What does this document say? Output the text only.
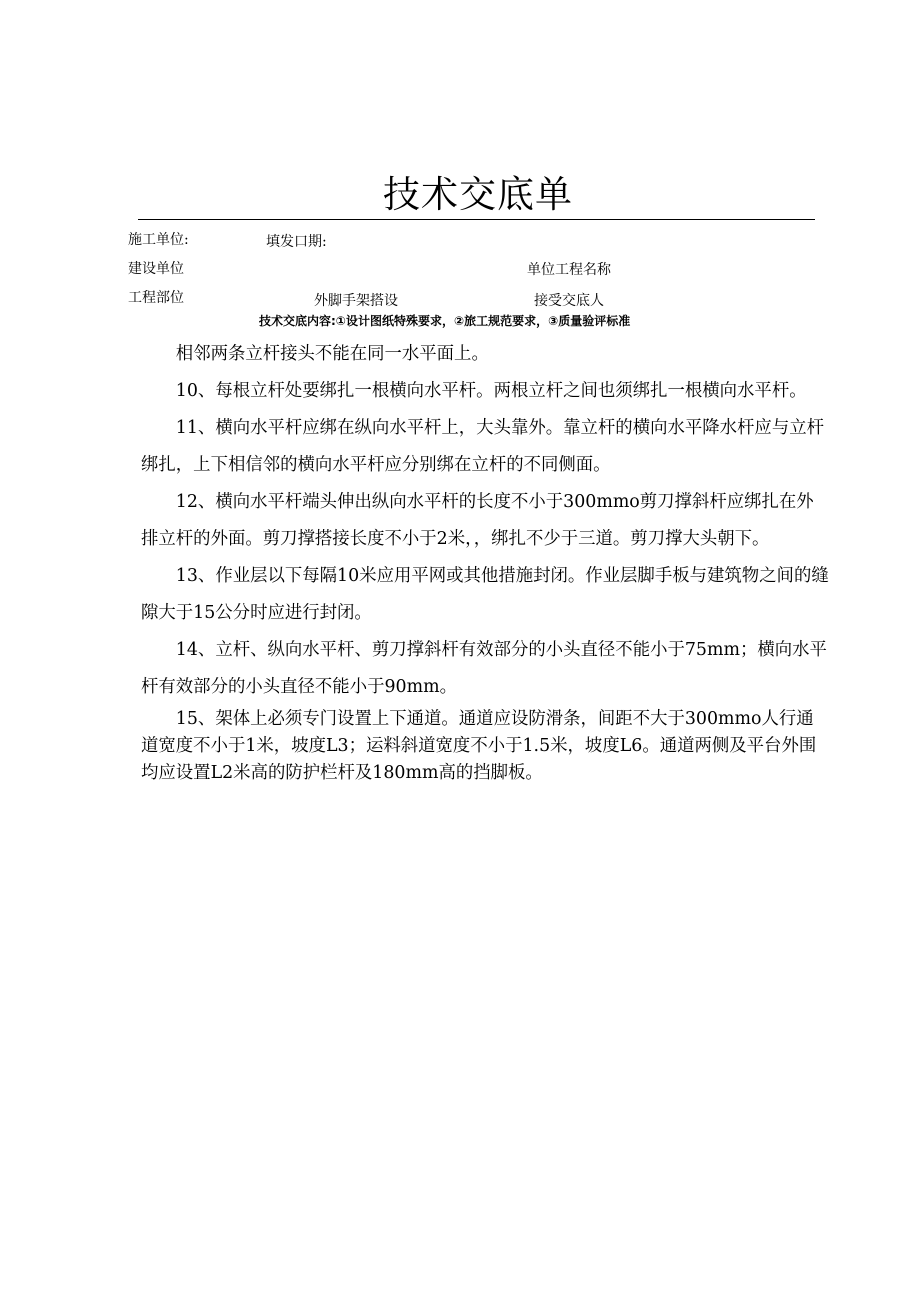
技术交底单
施工单位:	填发口期:
建设单位	单位工程名称
工程部位	外脚手架搭设	接受交底人
技术交底内容:①设计图纸特殊要求，②旅工规范要求，③质量验评标准

相邻两条立杆接头不能在同一水平面上。

10、每根立杆处要绑扎一根横向水平杆。两根立杆之间也须绑扎一根横向水平杆。

11、横向水平杆应绑在纵向水平杆上，大头靠外。靠立杆的横向水平降水杆应与立杆绑扎，上下相信邻的横向水平杆应分别绑在立杆的不同侧面。

12、横向水平杆端头伸出纵向水平杆的长度不小于300mmo剪刀撑斜杆应绑扎在外排立杆的外面。剪刀撑搭接长度不小于2米，，绑扎不少于三道。剪刀撑大头朝下。

13、作业层以下每隔10米应用平网或其他措施封闭。作业层脚手板与建筑物之间的缝隙大于15公分时应进行封闭。

14、立杆、纵向水平杆、剪刀撑斜杆有效部分的小头直径不能小于75mm；横向水平杆有效部分的小头直径不能小于90mm。

15、架体上必须专门设置上下通道。通道应设防滑条，间距不大于300mmo人行通道宽度不小于1米，坡度L3；运料斜道宽度不小于1.5米，坡度L6。通道两侧及平台外围均应设置L2米高的防护栏杆及180mm高的挡脚板。
